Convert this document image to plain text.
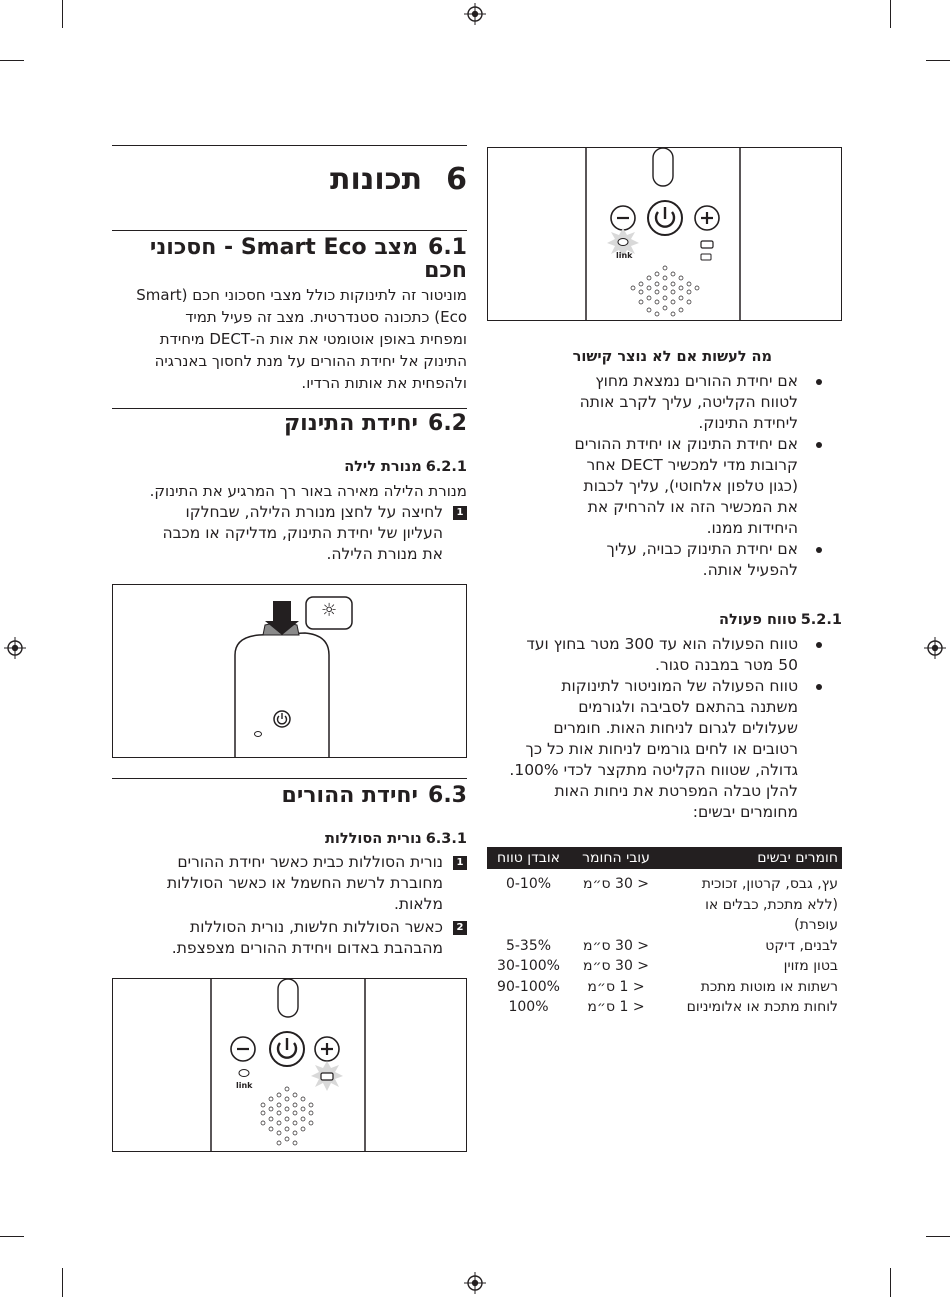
6תכונות
6.1מצב Smart Eco - חסכוני
חכם
מוניטור זה לתינוקות כולל מצבי חסכוני חכם (Smart
Eco) כתכונה סטנדרטית. מצב זה פעיל תמיד
ומפחית באופן אוטומטי את אות ה-DECT מיחידת
התינוק אל יחידת ההורים על מנת לחסוך באנרגיה
ולהפחית את אותות הרדיו.
6.2יחידת התינוק
6.2.1מנורת לילה
מנורת הלילה מאירה באור רך המרגיע את התינוק.
1
לחיצה על לחצן מנורת הלילה, שבחלקו
העליון של יחידת התינוק, מדליקה או מכבה
את מנורת הלילה.
☼
6.3יחידת ההורים
6.3.1נורית הסוללות
1
נורית הסוללות כבית כאשר יחידת ההורים
מחוברת לרשת החשמל או כאשר הסוללות
מלאות.
2
כאשר הסוללות חלשות, נורית הסוללות
מהבהבת באדום ויחידת ההורים מצפצפת.
link
link
מה לעשות אם לא נוצר קישור
אם יחידת ההורים נמצאת מחוץ
לטווח הקליטה, עליך לקרב אותה
ליחידת התינוק.
אם יחידת התינוק או יחידת ההורים
קרובות מדי למכשיר DECT אחר
(כגון טלפון אלחוטי), עליך לכבות
את המכשיר הזה או להרחיק את
היחידות ממנו.
אם יחידת התינוק כבויה, עליך
להפעיל אותה.
5.2.1טווח פעולה
טווח הפעולה הוא עד 300 מטר בחוץ ועד
50 מטר במבנה סגור.
טווח הפעולה של המוניטור לתינוקות
משתנה בהתאם לסביבה ולגורמים
שעלולים לגרום לניחות האות. חומרים
רטובים או לחים גורמים לניחות אות כל כך
גדולה, שטווח הקליטה מתקצר לכדי 100%.
להלן טבלה המפרטת את ניחות האות
מחומרים יבשים:
חומרים יבשים	עובי החומר	אובדן טווח

עץ, גבס, קרטון, זכוכית
(ללא מתכת, כבלים או
עופרת)	< 30 ס״מ	0-10%

לבנים, דיקט	< 30 ס״מ	5-35%

בטון מזוין	< 30 ס״מ	30-100%

רשתות או מוטות מתכת	< 1 ס״מ	90-100%

לוחות מתכת או אלומיניום	< 1 ס״מ	100%
